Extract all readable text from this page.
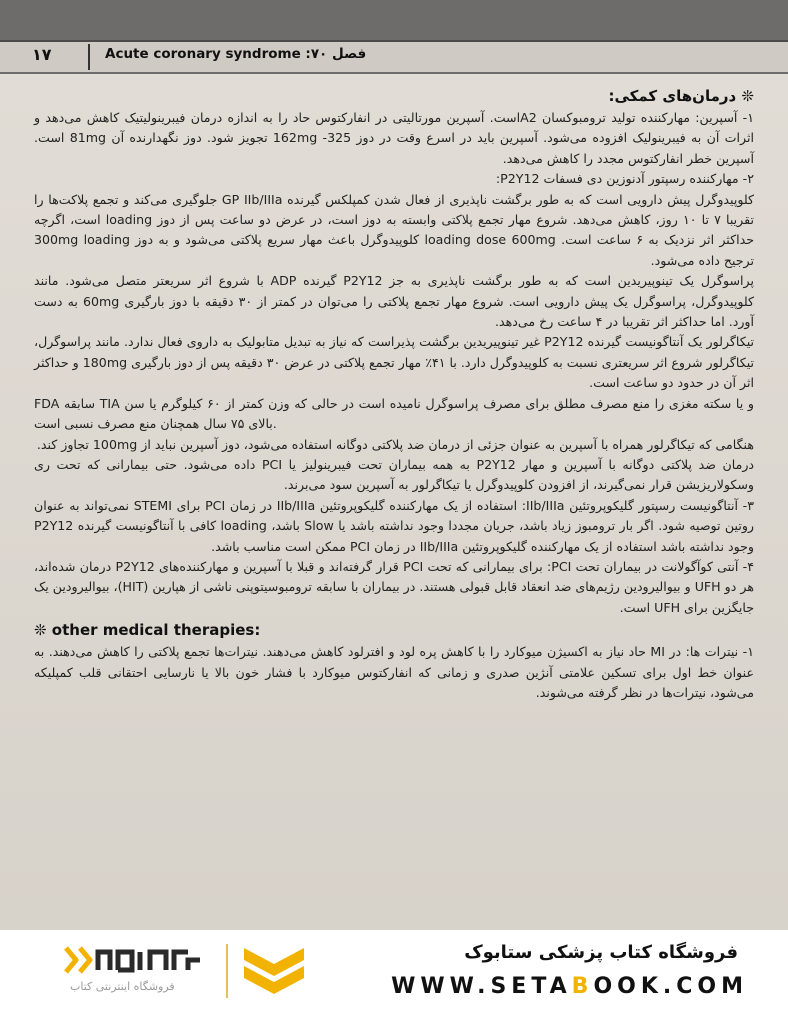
۱۷	Acute coronary syndrome :۷۰ فصل
❊ درمان‌های کمکی:

۱- آسپرین: مهارکننده تولید ترومبوکسان A2است. آسپرین مورتالیتی در انفارکتوس حاد را به اندازه درمان فیبرینولیتیک کاهش می‌دهد و اثرات آن به فیبرینولیک افزوده می‌شود. آسپرین باید در اسرع وقت در دوز 162mg -325 تجویز شود. دوز نگهدارنده آن 81mg است. آسپرین خطر انفارکتوس مجدد را کاهش می‌دهد.

۲- مهارکننده رسپتور آدنوزین دی فسفات P2Y12:

کلوپیدوگرل پیش دارویی است که به طور برگشت ناپذیری از فعال شدن کمپلکس گیرنده GP IIb/IIIa جلوگیری می‌کند و تجمع پلاکت‌ها را تقریبا ۷ تا ۱۰ روز، کاهش می‌دهد. شروع مهار تجمع پلاکتی وابسته به دوز است، در عرض دو ساعت پس از دوز loading است، اگرچه حداکثر اثر نزدیک به ۶ ساعت است. loading dose 600mg کلوپیدوگرل باعث مهار سریع پلاکتی می‌شود و به دوز 300mg loading ترجیح داده می‌شود.

پراسوگرل یک تینوپیریدین است که به طور برگشت ناپذیری به جز P2Y12 گیرنده ADP با شروع اثر سریعتر متصل می‌شود. مانند کلوپیدوگرل، پراسوگرل یک پیش دارویی است. شروع مهار تجمع پلاکتی را می‌توان در کمتر از ۳۰ دقیقه با دوز بارگیری 60mg به دست آورد. اما حداکثر اثر تقریبا در ۴ ساعت رخ می‌دهد.

تیکاگرلور یک آنتاگونیست گیرنده P2Y12 غیر تینوپیریدین برگشت پذیراست که نیاز به تبدیل متابولیک به داروی فعال ندارد. مانند پراسوگرل، تیکاگرلور شروع اثر سریعتری نسبت به کلوپیدوگرل دارد. با ۴۱٪ مهار تجمع پلاکتی در عرض ۳۰ دقیقه پس از دوز بارگیری 180mg و حداکثر اثر آن در حدود دو ساعت است.

FDA سابقه TIA و یا سکته مغزی را منع مصرف مطلق برای مصرف پراسوگرل نامیده است در حالی که وزن کمتر از ۶۰ کیلوگرم یا سن بالای ۷۵ سال همچنان منع مصرف نسبی است.

هنگامی که تیکاگرلور همراه با آسپرین به عنوان جزئی از درمان ضد پلاکتی دوگانه استفاده می‌شود، دوز آسپرین نباید از 100mg تجاوز کند.

درمان ضد پلاکتی دوگانه با آسپرین و مهار P2Y12 به همه بیماران تحت فیبرینولیز یا PCI داده می‌شود. حتی بیمارانی که تحت ری وسکولاریزیشن قرار نمی‌گیرند، از افزودن کلوپیدوگرل یا تیکاگرلور به آسپرین سود می‌برند.

۳- آنتاگونیست رسپتور گلیکوپروتئین IIb/IIIa: استفاده از یک مهارکننده گلیکوپروتئین IIb/IIIa در زمان PCI برای STEMI نمی‌تواند به عنوان روتین توصیه شود. اگر بار ترومبوز زیاد باشد، جریان مجددا وجود نداشته باشد یا Slow باشد، loading کافی با آنتاگونیست گیرنده P2Y12 وجود نداشته باشد استفاده از یک مهارکننده گلیکوپروتئین IIb/IIIa در زمان PCI ممکن است مناسب باشد.

۴- آنتی کوآگولانت در بیماران تحت PCI: برای بیمارانی که تحت PCI قرار گرفته‌اند و قبلا با آسپرین و مهارکننده‌های P2Y12 درمان شده‌اند، هر دو UFH و بیوالیرودین رژیم‌های ضد انعقاد قابل قبولی هستند. در بیماران با سابقه ترومبوسیتوپنی ناشی از هپارین (HIT)، بیوالیرودین یک جایگزین برای UFH است.

❊ other medical therapies:

۱- نیترات ها: در MI حاد نیاز به اکسیژن میوکارد را با کاهش پره لود و افترلود کاهش می‌دهند. نیترات‌ها تجمع پلاکتی را کاهش می‌دهند. به عنوان خط اول برای تسکین علامتی آنژین صدری و زمانی که انفارکتوس میوکارد با فشار خون بالا یا نارسایی احتقانی قلب کمپلیکه می‌شود، نیترات‌ها در نظر گرفته می‌شوند.

فروشگاه اینترنتی کتاب
فروشگاه کتاب پزشکی ستابوک
WWW.SETABOOK.COM
